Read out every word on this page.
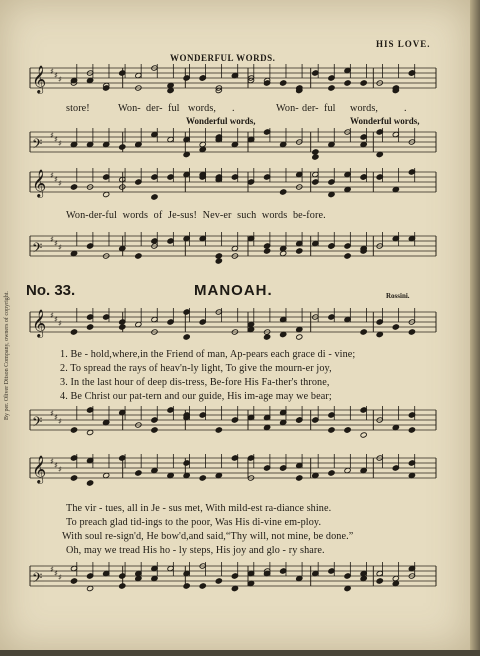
𝄞 ♯ ♯ ♯
𝄢
♯ ♯ ♯
𝄞 ♯ ♯ ♯
𝄢
♯ ♯ ♯
𝄞 ♯ ♯ ♯
𝄢
♯ ♯ ♯
𝄞 ♯ ♯ ♯
𝄢
♯ ♯ ♯
HIS LOVE.
WONDERFUL WORDS.
store!	Won- der- ful words, .	Won- der- ful words,	.
Wonderful words,	Wonderful words,
Won-der-ful words of Je-sus! Nev-er such words be-fore.
No. 33.	MANOAH.	Rossini.
1. Be - hold,where,in the Friend of man, Ap-pears each grace di - vine;
2. To spread the rays of heav'n-ly light, To give the mourn-er joy,
3. In the last hour of deep dis-tress, Be-fore His Fa-ther's throne,
4. Be Christ our pat-tern and our guide, His im-age may we bear;
The vir - tues, all in Je - sus met, With mild-est ra-diance shine.
To preach glad tid-ings to the poor, Was His di-vine em-ploy.
With soul re-sign'd, He bow'd,and said,“Thy will, not mine, be done.”
Oh, may we tread His ho - ly steps, His joy and glo - ry share.
By per. Oliver Ditson Company, owners of copyright.
